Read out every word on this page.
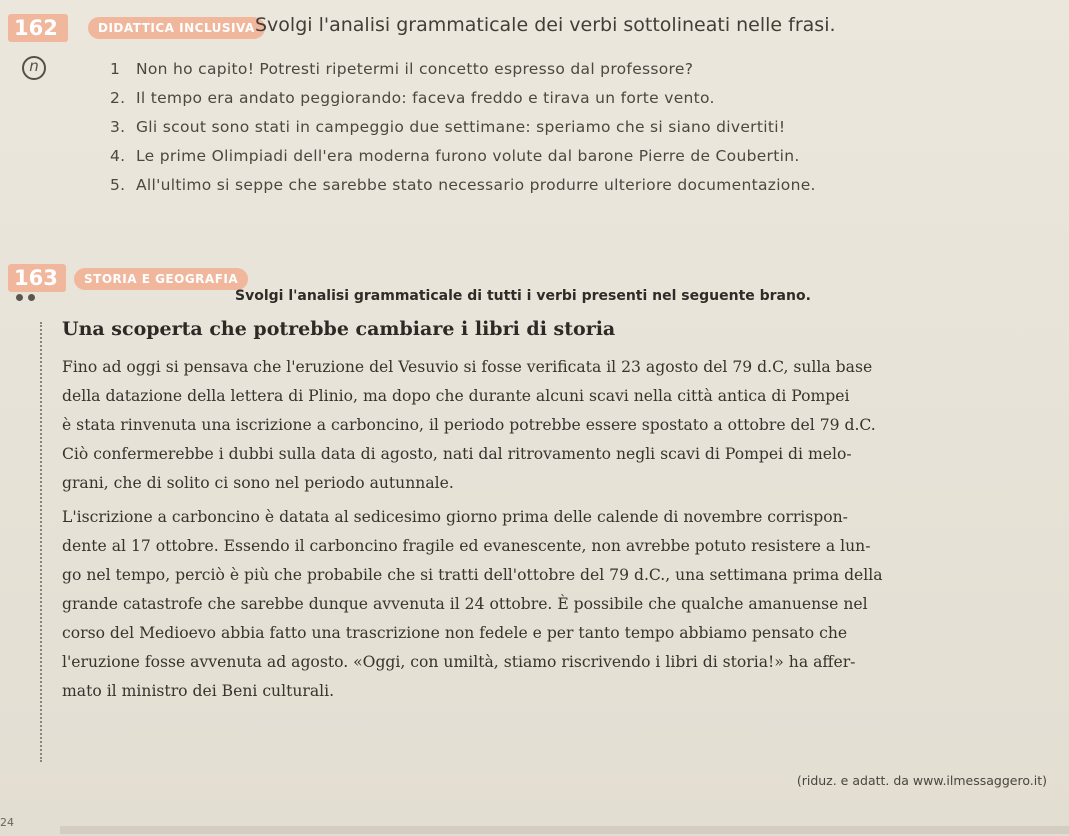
162	DIDATTICA INCLUSIVA Svolgi l'analisi grammaticale dei verbi sottolineati nelle frasi.
n	1 Non ho capito! Potresti ripetermi il concetto espresso dal professore?
2. Il tempo era andato peggiorando: faceva freddo e tirava un forte vento.
3. Gli scout sono stati in campeggio due settimane: speriamo che si siano divertiti!
4. Le prime Olimpiadi dell'era moderna furono volute dal barone Pierre de Coubertin.
5. All'ultimo si seppe che sarebbe stato necessario produrre ulteriore documentazione.
163	STORIA E GEOGRAFIA
Svolgi l'analisi grammaticale di tutti i verbi presenti nel seguente brano.
Una scoperta che potrebbe cambiare i libri di storia
Fino ad oggi si pensava che l'eruzione del Vesuvio si fosse verificata il 23 agosto del 79 d.C, sulla base
della datazione della lettera di Plinio, ma dopo che durante alcuni scavi nella città antica di Pompei
è stata rinvenuta una iscrizione a carboncino, il periodo potrebbe essere spostato a ottobre del 79 d.C.
Ciò confermerebbe i dubbi sulla data di agosto, nati dal ritrovamento negli scavi di Pompei di melo-
grani, che di solito ci sono nel periodo autunnale.
L'iscrizione a carboncino è datata al sedicesimo giorno prima delle calende di novembre corrispon-
dente al 17 ottobre. Essendo il carboncino fragile ed evanescente, non avrebbe potuto resistere a lun-
go nel tempo, perciò è più che probabile che si tratti dell'ottobre del 79 d.C., una settimana prima della
grande catastrofe che sarebbe dunque avvenuta il 24 ottobre. È possibile che qualche amanuense nel
corso del Medioevo abbia fatto una trascrizione non fedele e per tanto tempo abbiamo pensato che
l'eruzione fosse avvenuta ad agosto. «Oggi, con umiltà, stiamo riscrivendo i libri di storia!» ha affer-
mato il ministro dei Beni culturali.
(riduz. e adatt. da www.ilmessaggero.it)
24
